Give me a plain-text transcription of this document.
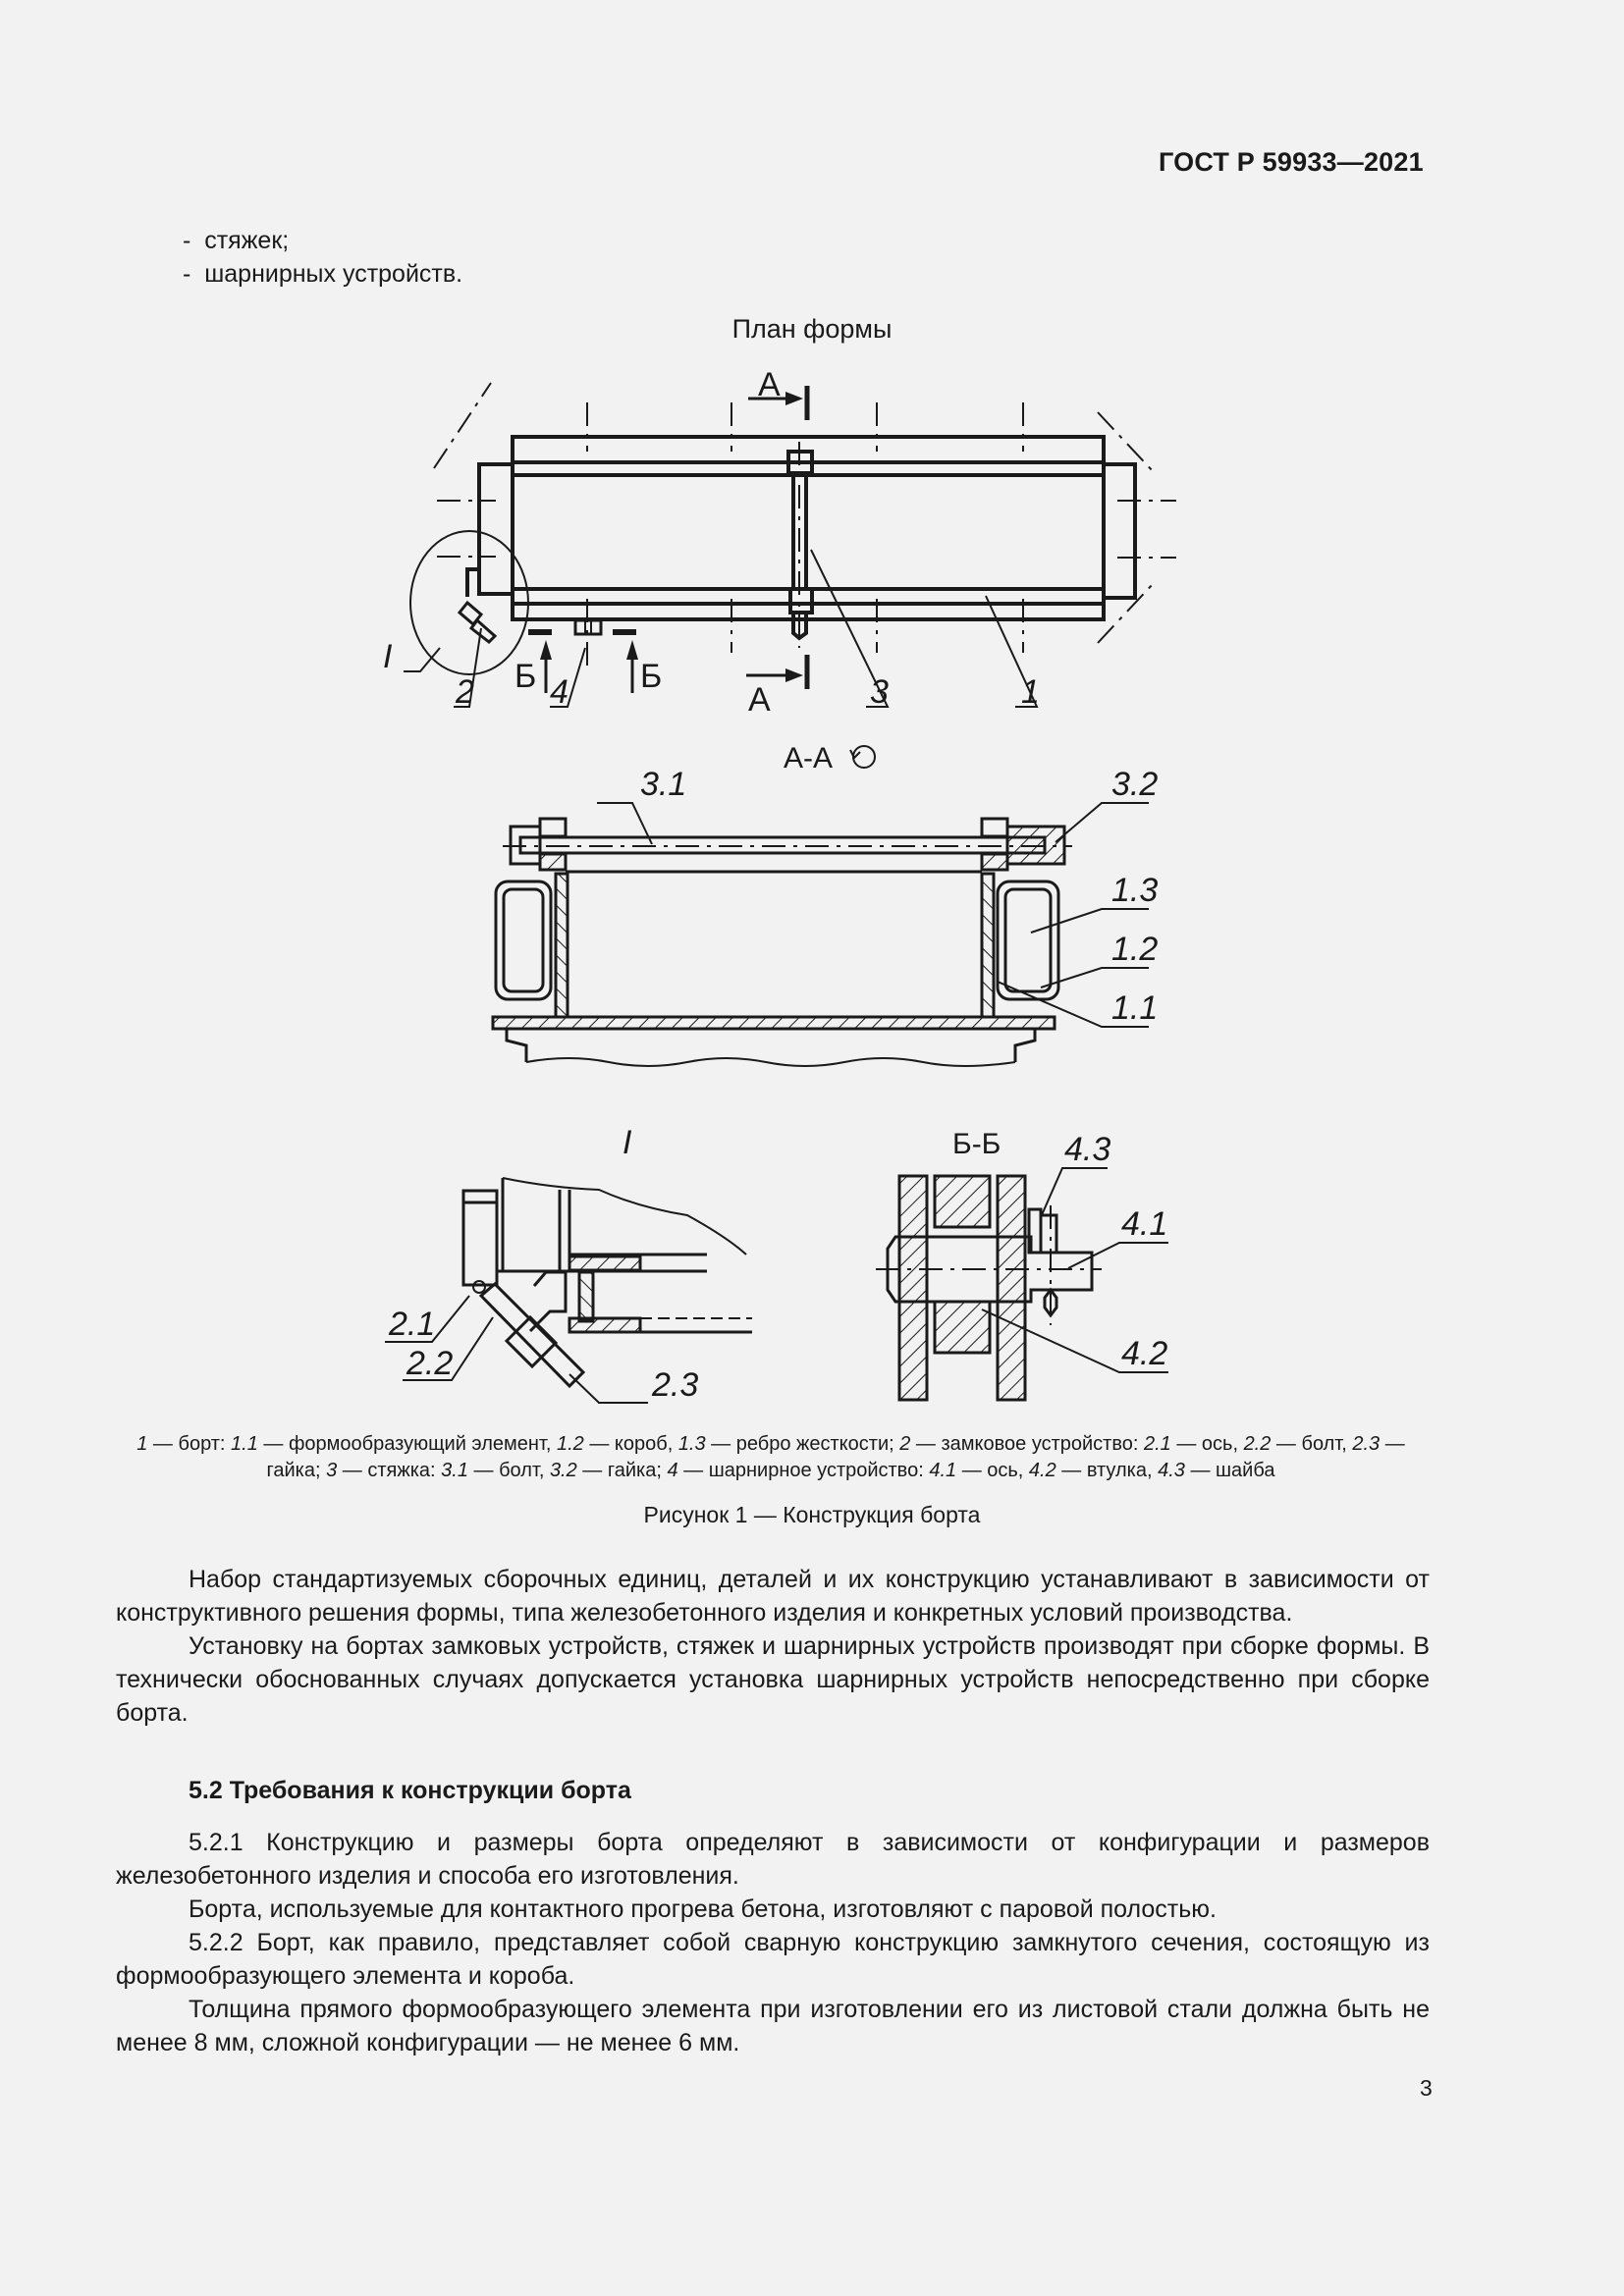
ГОСТ Р 59933—2021
-  стяжек;
-  шарнирных устройств.
План формы
А
А
Б	Б
I
2 4	3	1
А-А
3.1	3.2
1.3
1.2
1.1
I
2.1
2.2
2.3
Б-Б 4.3
4.1
4.2
1 — борт: 1.1 — формообразующий элемент, 1.2 — короб, 1.3 — ребро жесткости; 2 — замковое устройство: 2.1 — ось, 2.2 — болт, 2.3 — гайка; 3 — стяжка: 3.1 — болт, 3.2 — гайка; 4 — шарнирное устройство: 4.1 — ось, 4.2 — втулка, 4.3 — шайба
Рисунок 1 — Конструкция борта

Набор стандартизуемых сборочных единиц, деталей и их конструкцию устанавливают в зависимости от конструктивного решения формы, типа железобетонного изделия и конкретных условий производства.

Установку на бортах замковых устройств, стяжек и шарнирных устройств производят при сборке формы. В технически обоснованных случаях допускается установка шарнирных устройств непосредственно при сборке борта.

5.2 Требования к конструкции борта

5.2.1 Конструкцию и размеры борта определяют в зависимости от конфигурации и размеров железобетонного изделия и способа его изготовления.

Борта, используемые для контактного прогрева бетона, изготовляют с паровой полостью.

5.2.2 Борт, как правило, представляет собой сварную конструкцию замкнутого сечения, состоящую из формообразующего элемента и короба.

Толщина прямого формообразующего элемента при изготовлении его из листовой стали должна быть не менее 8 мм, сложной конфигурации — не менее 6 мм.

3
